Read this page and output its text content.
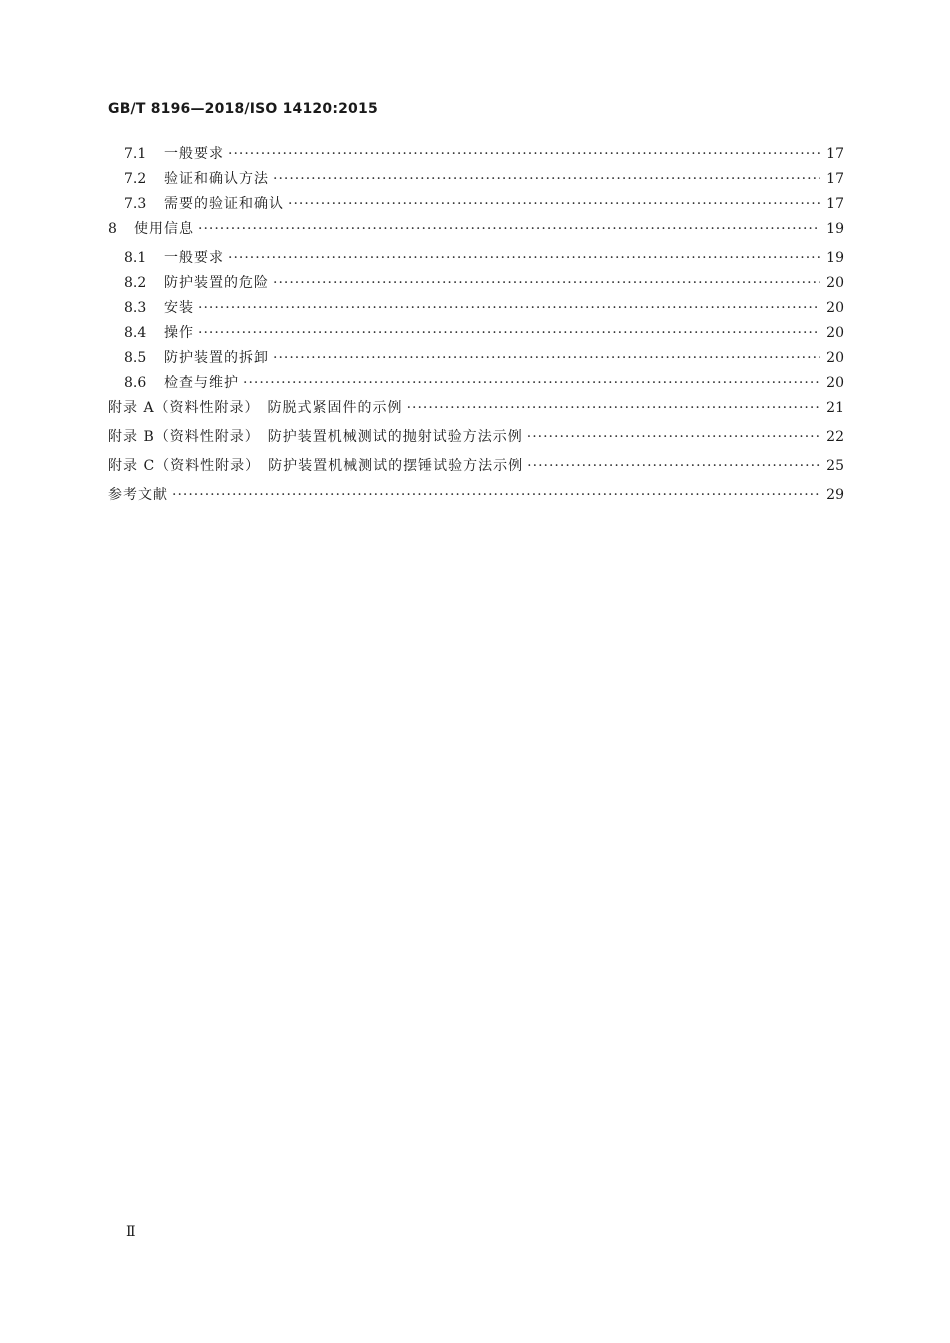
GB/T 8196—2018/ISO 14120:2015
7.1	一般要求 ·····	17
7.2	验证和确认方法 ·····	17
7.3	需要的验证和确认 ·····	17
8	使用信息 ·····	19
8.1	一般要求 ·····	19
8.2	防护装置的危险 ·····	20
8.3	安装 ·····	20
8.4	操作 ·····	20
8.5	防护装置的拆卸 ·····	20
8.6	检查与维护 ·····	20
附录 A（资料性附录）　防脱式紧固件的示例 ·····	21
附录 B（资料性附录）　防护装置机械测试的抛射试验方法示例 ·····	22
附录 C（资料性附录）　防护装置机械测试的摆锤试验方法示例 ·····	25
参考文献 ·····	29
Ⅱ
